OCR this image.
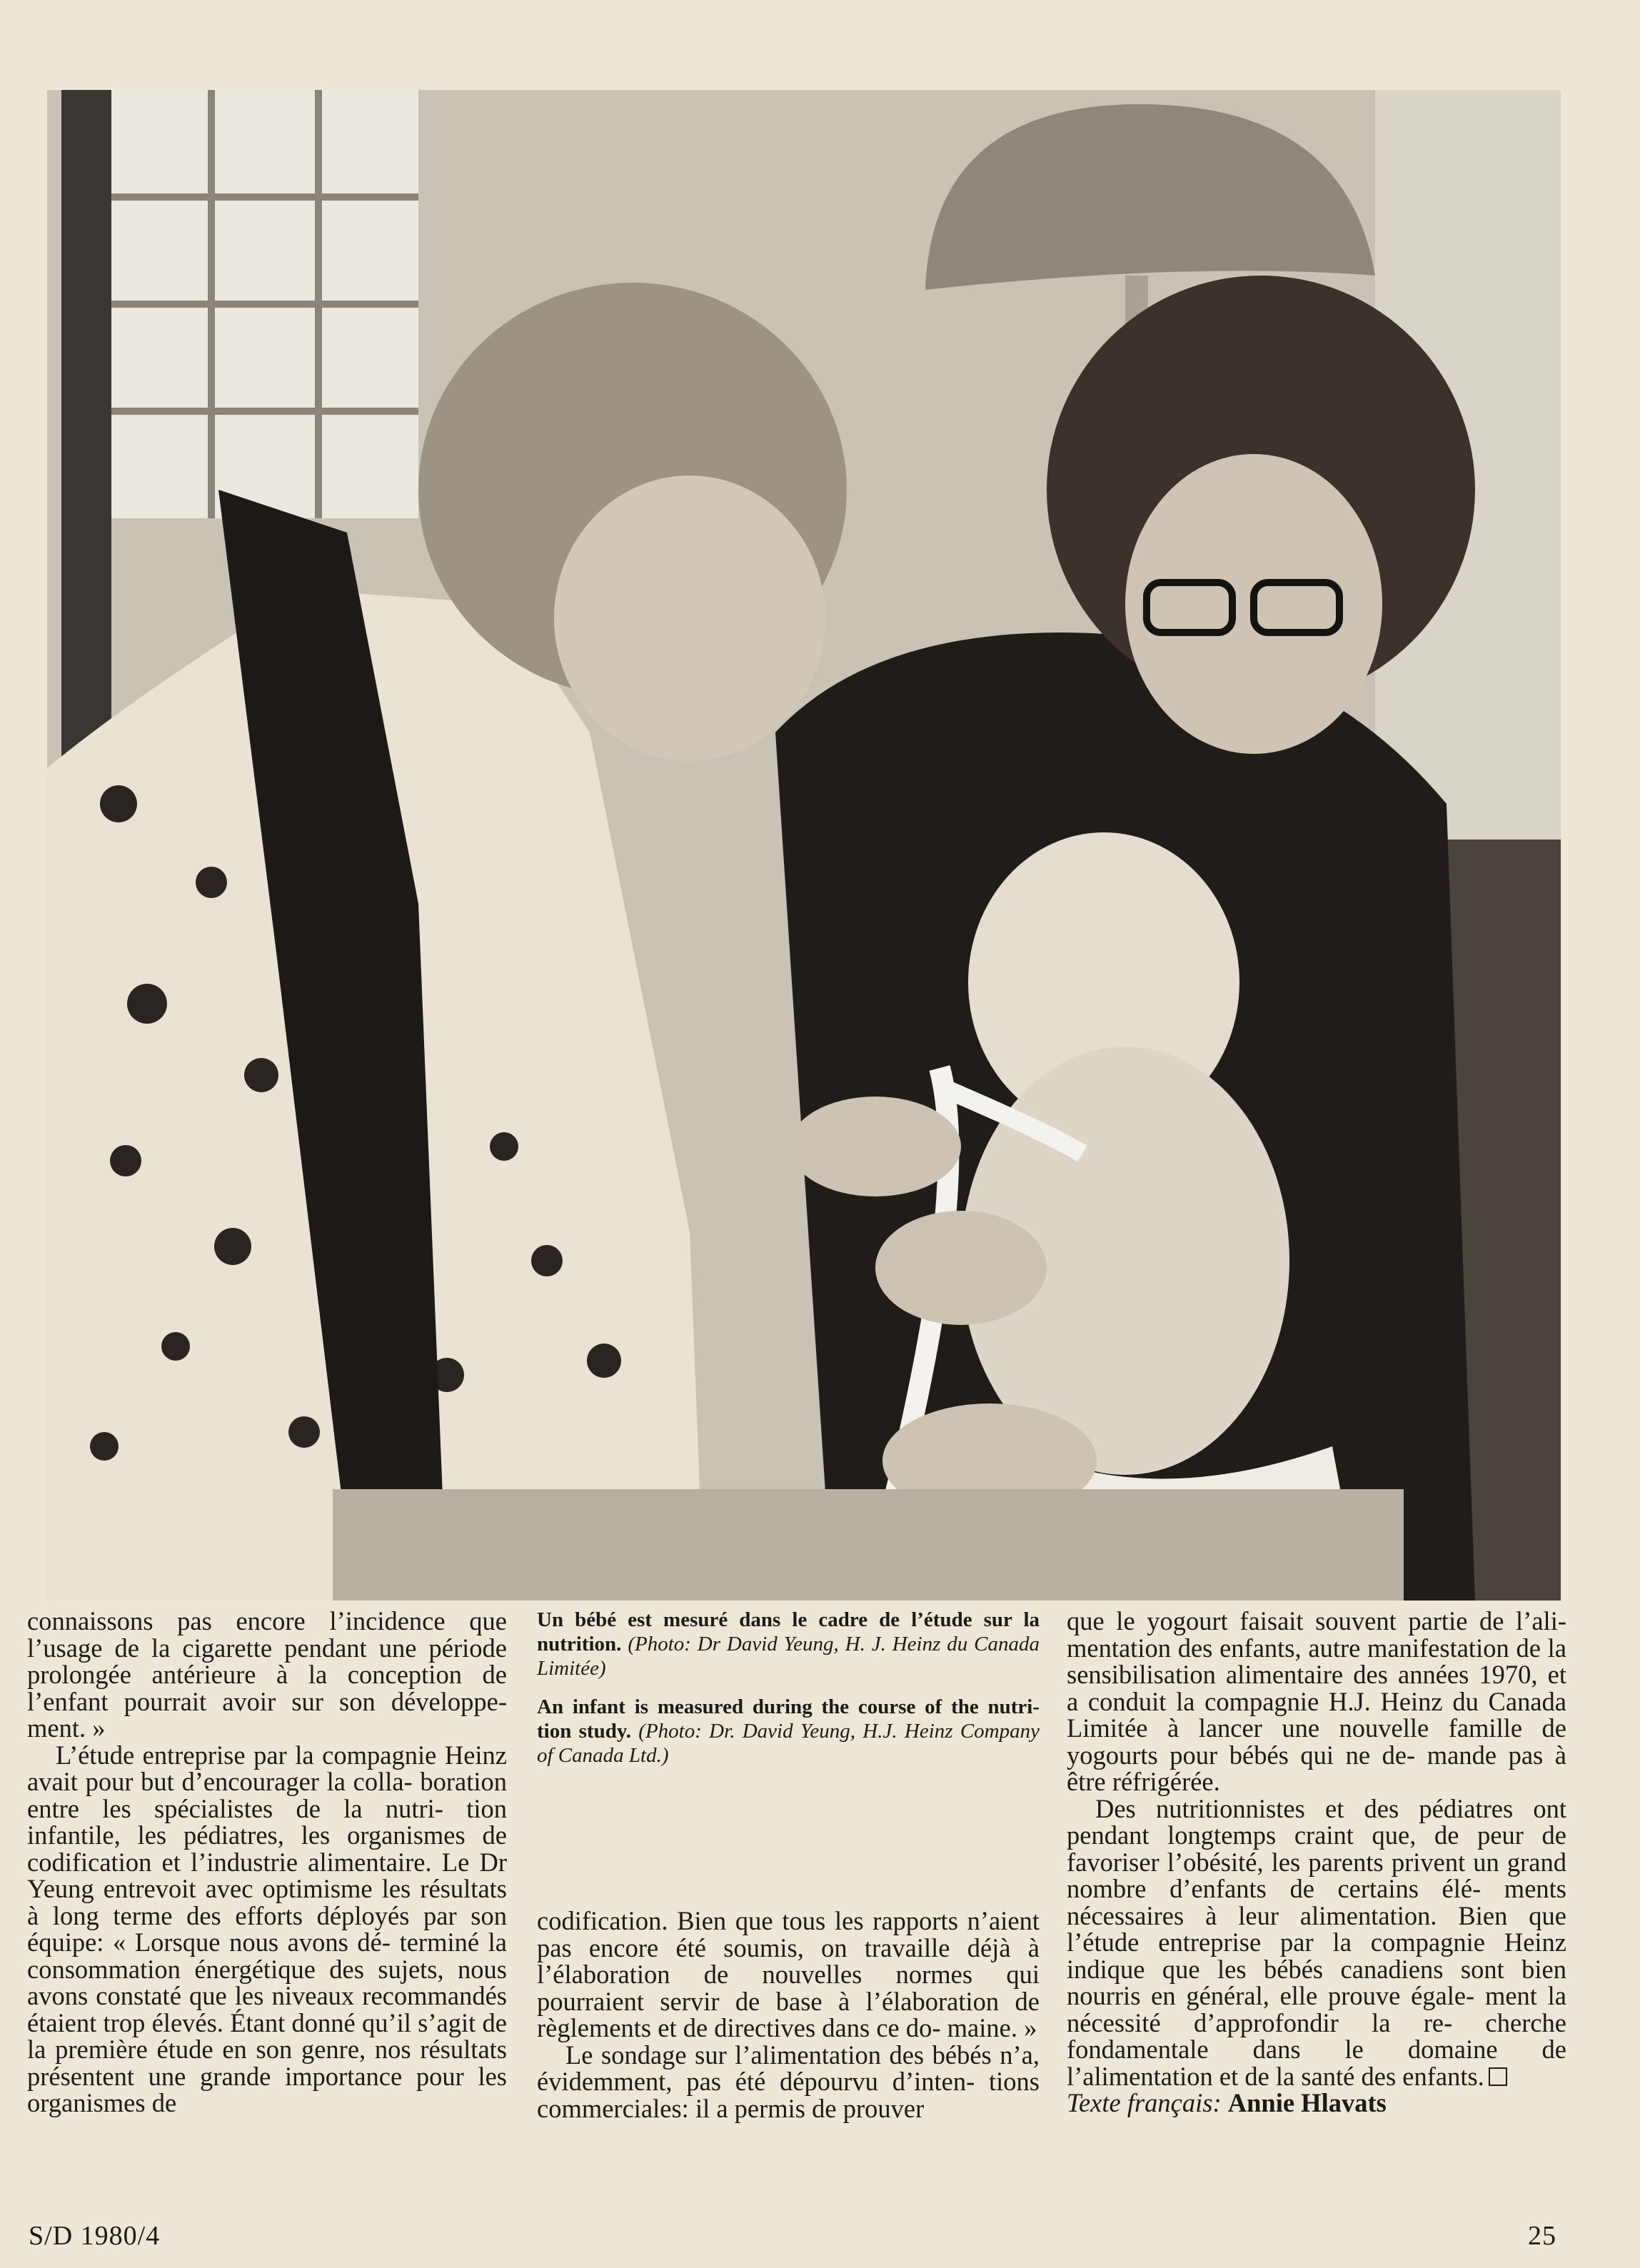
connaissons pas encore l’incidence que l’usage de la cigarette pendant une période prolongée antérieure à la conception de l’enfant pourrait avoir sur son développe- ment. »

L’étude entreprise par la compagnie Heinz avait pour but d’encourager la colla- boration entre les spécialistes de la nutri- tion infantile, les pédiatres, les organismes de codification et l’industrie alimentaire. Le Dr Yeung entrevoit avec optimisme les résultats à long terme des efforts déployés par son équipe: « Lorsque nous avons dé- terminé la consommation énergétique des sujets, nous avons constaté que les niveaux recommandés étaient trop élevés. Étant donné qu’il s’agit de la première étude en son genre, nos résultats présentent une grande importance pour les organismes de

Un bébé est mesuré dans le cadre de l’étude sur la nutrition. (Photo: Dr David Yeung, H. J. Heinz du Canada Limitée)

An infant is measured during the course of the nutri- tion study. (Photo: Dr. David Yeung, H.J. Heinz Company of Canada Ltd.)

codification. Bien que tous les rapports n’aient pas encore été soumis, on travaille déjà à l’élaboration de nouvelles normes qui pourraient servir de base à l’élaboration de règlements et de directives dans ce do- maine. »

Le sondage sur l’alimentation des bébés n’a, évidemment, pas été dépourvu d’inten- tions commerciales: il a permis de prouver

que le yogourt faisait souvent partie de l’ali- mentation des enfants, autre manifestation de la sensibilisation alimentaire des années 1970, et a conduit la compagnie H.J. Heinz du Canada Limitée à lancer une nouvelle famille de yogourts pour bébés qui ne de- mande pas à être réfrigérée.

Des nutritionnistes et des pédiatres ont pendant longtemps craint que, de peur de favoriser l’obésité, les parents privent un grand nombre d’enfants de certains élé- ments nécessaires à leur alimentation. Bien que l’étude entreprise par la compagnie Heinz indique que les bébés canadiens sont bien nourris en général, elle prouve égale- ment la nécessité d’approfondir la re- cherche fondamentale dans le domaine de l’alimentation et de la santé des enfants.

Texte français: Annie Hlavats

S/D 1980/4	25
